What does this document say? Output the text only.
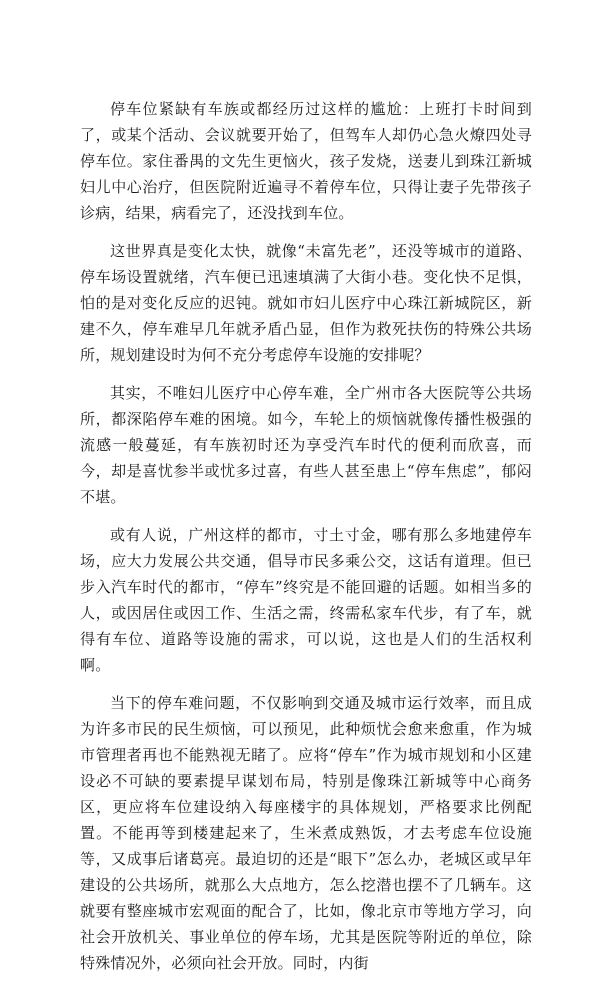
停车位紧缺有车族或都经历过这样的尴尬：上班打卡时间到了，或某个活动、会议就要开始了，但驾车人却仍心急火燎四处寻停车位。家住番禺的文先生更恼火，孩子发烧，送妻儿到珠江新城妇儿中心治疗，但医院附近遍寻不着停车位，只得让妻子先带孩子诊病，结果，病看完了，还没找到车位。

这世界真是变化太快，就像“未富先老”，还没等城市的道路、停车场设置就绪，汽车便已迅速填满了大街小巷。变化快不足惧，怕的是对变化反应的迟钝。就如市妇儿医疗中心珠江新城院区，新建不久，停车难早几年就矛盾凸显，但作为救死扶伤的特殊公共场所，规划建设时为何不充分考虑停车设施的安排呢？

其实，不唯妇儿医疗中心停车难，全广州市各大医院等公共场所，都深陷停车难的困境。如今，车轮上的烦恼就像传播性极强的流感一般蔓延，有车族初时还为享受汽车时代的便利而欣喜，而今，却是喜忧参半或忧多过喜，有些人甚至患上“停车焦虑”，郁闷不堪。

或有人说，广州这样的都市，寸土寸金，哪有那么多地建停车场，应大力发展公共交通，倡导市民多乘公交，这话有道理。但已步入汽车时代的都市，“停车”终究是不能回避的话题。如相当多的人，或因居住或因工作、生活之需，终需私家车代步，有了车，就得有车位、道路等设施的需求，可以说，这也是人们的生活权利啊。

当下的停车难问题，不仅影响到交通及城市运行效率，而且成为许多市民的民生烦恼，可以预见，此种烦忧会愈来愈重，作为城市管理者再也不能熟视无睹了。应将“停车”作为城市规划和小区建设必不可缺的要素提早谋划布局，特别是像珠江新城等中心商务区，更应将车位建设纳入每座楼宇的具体规划，严格要求比例配置。不能再等到楼建起来了，生米煮成熟饭，才去考虑车位设施等，又成事后诸葛亮。最迫切的还是“眼下”怎么办，老城区或早年建设的公共场所，就那么大点地方，怎么挖潜也摆不了几辆车。这就要有整座城市宏观面的配合了，比如，像北京市等地方学习，向社会开放机关、事业单位的停车场，尤其是医院等附近的单位，除特殊情况外，必须向社会开放。同时，内街
